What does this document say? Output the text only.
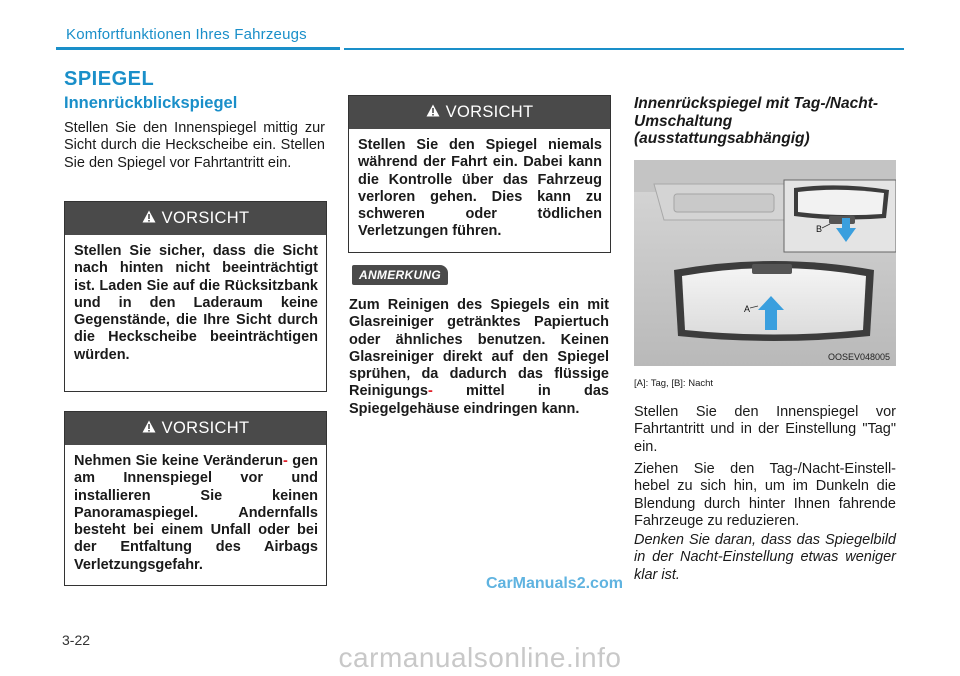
Komfortfunktionen Ihres Fahrzeugs
SPIEGEL
Innenrückblickspiegel
Stellen Sie den Innenspiegel mittig zur Sicht durch die Heckscheibe ein. Stellen Sie den Spiegel vor Fahrtantritt ein.
VORSICHT
Stellen Sie sicher, dass die Sicht nach hinten nicht beeinträchtigt ist. Laden Sie auf die Rücksitzbank und in den Laderaum keine Gegenstände, die Ihre Sicht durch die Heckscheibe beeinträchtigen würden.
VORSICHT
Nehmen Sie keine Veränderun- gen am Innenspiegel vor und installieren Sie keinen Panoramaspiegel. Andernfalls besteht bei einem Unfall oder bei der Entfaltung des Airbags Verletzungsgefahr.
VORSICHT
Stellen Sie den Spiegel niemals während der Fahrt ein. Dabei kann die Kontrolle über das Fahrzeug verloren gehen. Dies kann zu schweren oder tödlichen Verletzungen führen.
ANMERKUNG
Zum Reinigen des Spiegels ein mit Glasreiniger getränktes Papiertuch oder ähnliches benutzen. Keinen Glasreiniger direkt auf den Spiegel sprühen, da dadurch das flüssige Reinigungs- mittel in das Spiegelgehäuse eindringen kann.
Innenrückspiegel mit Tag-/Nacht-Umschaltung (ausstattungsabhängig)
A
B
OOSEV048005
[A]: Tag, [B]: Nacht
Stellen Sie den Innenspiegel vor Fahrtantritt und in der Einstellung "Tag" ein.
Ziehen Sie den Tag-/Nacht-Einstell-hebel zu sich hin, um im Dunkeln die Blendung durch hinter Ihnen fahrende Fahrzeuge zu reduzieren.
Denken Sie daran, dass das Spiegelbild in der Nacht-Einstellung etwas weniger klar ist.
CarManuals2.com
3-22
carmanualsonline.info
